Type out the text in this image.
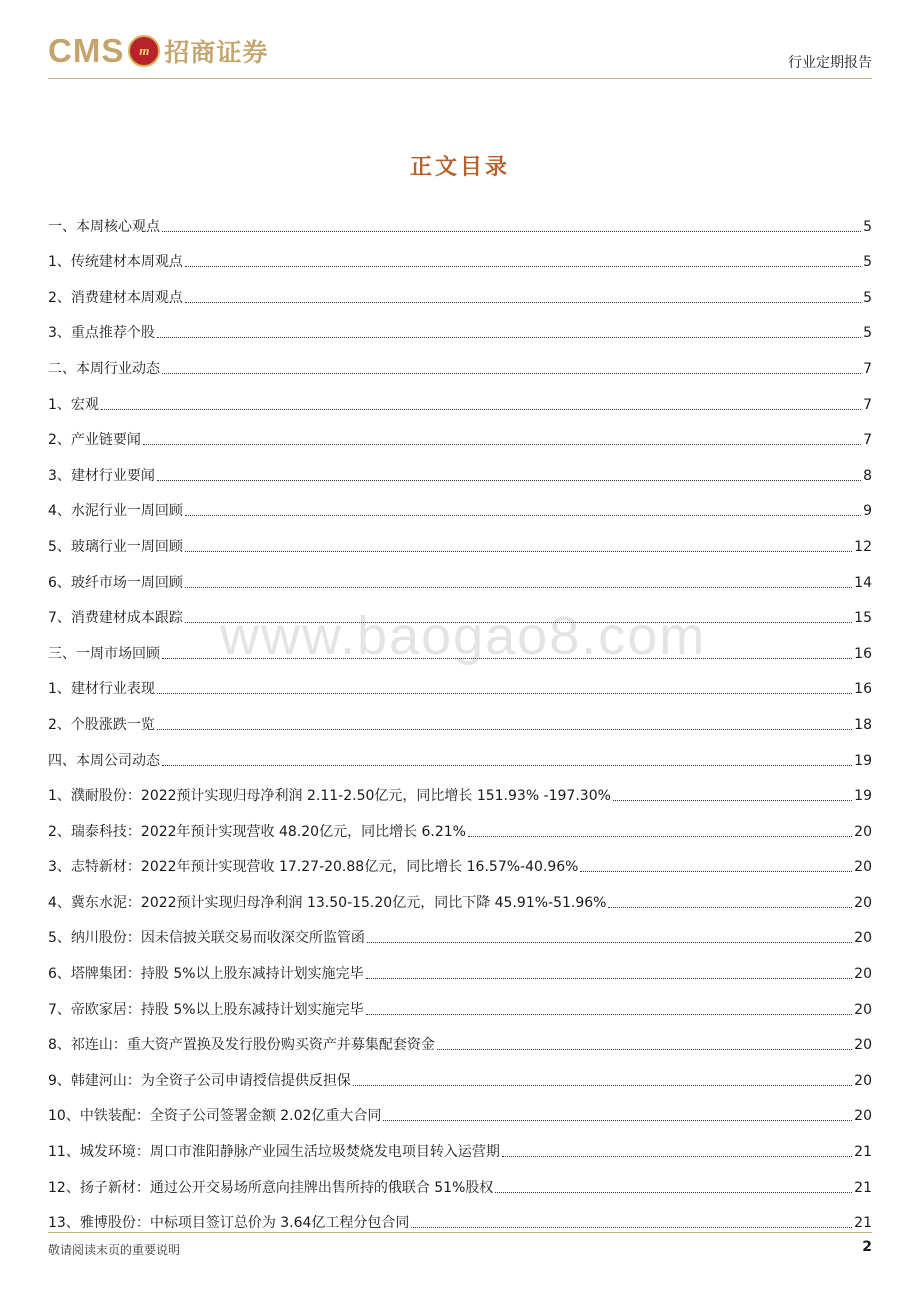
CMS	m 招商证券	行业定期报告
正文目录
www.baogao8.com
一、本周核心观点	5
1、传统建材本周观点	5
2、消费建材本周观点	5
3、重点推荐个股	5
二、本周行业动态	7
1、宏观	7
2、产业链要闻	7
3、建材行业要闻	8
4、水泥行业一周回顾	9
5、玻璃行业一周回顾	12
6、玻纤市场一周回顾	14
7、消费建材成本跟踪	15
三、一周市场回顾	16
1、建材行业表现	16
2、个股涨跌一览	18
四、本周公司动态	19
1、濮耐股份：2022预计实现归母净利润 2.11-2.50亿元，同比增长 151.93% -197.30%	19
2、瑞泰科技：2022年预计实现营收 48.20亿元，同比增长 6.21%	20
3、志特新材：2022年预计实现营收 17.27-20.88亿元，同比增长 16.57%-40.96%	20
4、冀东水泥：2022预计实现归母净利润 13.50-15.20亿元，同比下降 45.91%-51.96%	20
5、纳川股份：因未信披关联交易而收深交所监管函	20
6、塔牌集团：持股 5%以上股东减持计划实施完毕	20
7、帝欧家居：持股 5%以上股东减持计划实施完毕	20
8、祁连山：重大资产置换及发行股份购买资产并募集配套资金	20
9、韩建河山：为全资子公司申请授信提供反担保	20
10、中铁装配：全资子公司签署金额 2.02亿重大合同	20
11、城发环境：周口市淮阳静脉产业园生活垃圾焚烧发电项目转入运营期	21
12、扬子新材：通过公开交易场所意向挂牌出售所持的俄联合 51%股权	21
13、雅博股份：中标项目签订总价为 3.64亿工程分包合同	21
敬请阅读末页的重要说明	2
